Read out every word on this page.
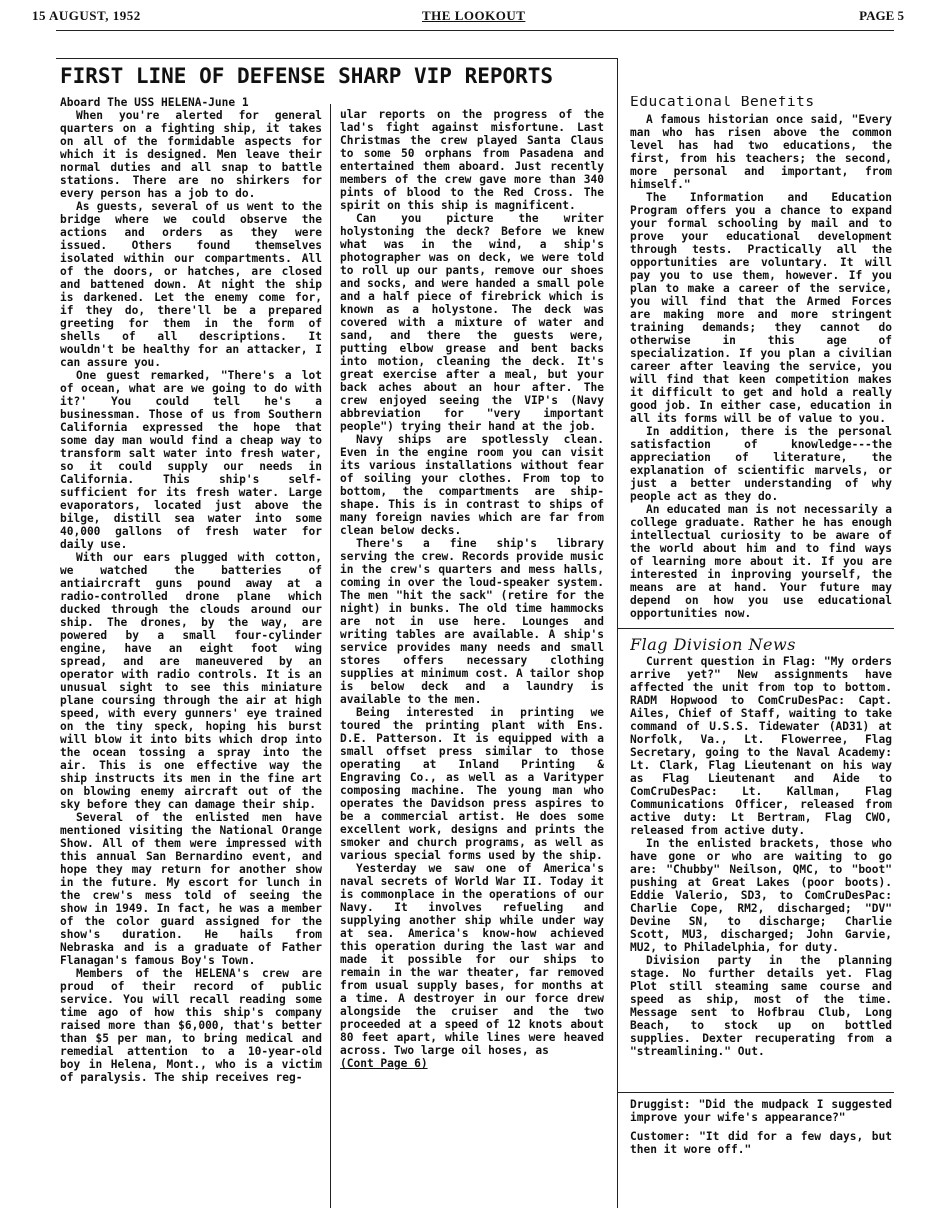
15 AUGUST, 1952	THE LOOKOUT	PAGE 5
FIRST LINE OF DEFENSE SHARP VIP REPORTS

Aboard The USS HELENA-June 1

When you're alerted for general quarters on a fighting ship, it takes on all of the formidable aspects for which it is designed. Men leave their normal duties and all snap to battle stations. There are no shirkers for every person has a job to do.

As guests, several of us went to the bridge where we could observe the actions and orders as they were issued. Others found themselves isolated within our compartments. All of the doors, or hatches, are closed and battened down. At night the ship is darkened. Let the enemy come for, if they do, there'll be a prepared greeting for them in the form of shells of all descriptions. It wouldn't be healthy for an attacker, I can assure you.

One guest remarked, "There's a lot of ocean, what are we going to do with it?' You could tell he's a businessman. Those of us from Southern California expressed the hope that some day man would find a cheap way to transform salt water into fresh water, so it could supply our needs in California. This ship's self-sufficient for its fresh water. Large evaporators, located just above the bilge, distill sea water into some 40,000 gallons of fresh water for daily use.

With our ears plugged with cotton, we watched the batteries of antiaircraft guns pound away at a radio-controlled drone plane which ducked through the clouds around our ship. The drones, by the way, are powered by a small four-cylinder engine, have an eight foot wing spread, and are maneuvered by an operator with radio controls. It is an unusual sight to see this miniature plane coursing through the air at high speed, with every gunners' eye trained on the tiny speck, hoping his burst will blow it into bits which drop into the ocean tossing a spray into the air. This is one effective way the ship instructs its men in the fine art on blowing enemy aircraft out of the sky before they can damage their ship.

Several of the enlisted men have mentioned visiting the National Orange Show. All of them were impressed with this annual San Bernardino event, and hope they may return for another show in the future. My escort for lunch in the crew's mess told of seeing the show in 1949. In fact, he was a member of the color guard assigned for the show's duration. He hails from Nebraska and is a graduate of Father Flanagan's famous Boy's Town.

Members of the HELENA's crew are proud of their record of public service. You will recall reading some time ago of how this ship's company raised more than $6,000, that's better than $5 per man, to bring medical and remedial attention to a 10-year-old boy in Helena, Mont., who is a victim of paralysis. The ship receives reg-

ular reports on the progress of the lad's fight against misfortune. Last Christmas the crew played Santa Claus to some 50 orphans from Pasadena and entertained them aboard. Just recently members of the crew gave more than 340 pints of blood to the Red Cross. The spirit on this ship is magnificent.

Can you picture the writer holystoning the deck? Before we knew what was in the wind, a ship's photographer was on deck, we were told to roll up our pants, remove our shoes and socks, and were handed a small pole and a half piece of firebrick which is known as a holystone. The deck was covered with a mixture of water and sand, and there the guests were, putting elbow grease and bent backs into motion, cleaning the deck. It's great exercise after a meal, but your back aches about an hour after. The crew enjoyed seeing the VIP's (Navy abbreviation for "very important people") trying their hand at the job.

Navy ships are spotlessly clean. Even in the engine room you can visit its various installations without fear of soiling your clothes. From top to bottom, the compartments are ship-shape. This is in contrast to ships of many foreign navies which are far from clean below decks.

There's a fine ship's library serving the crew. Records provide music in the crew's quarters and mess halls, coming in over the loud-speaker system. The men "hit the sack" (retire for the night) in bunks. The old time hammocks are not in use here. Lounges and writing tables are available. A ship's service provides many needs and small stores offers necessary clothing supplies at minimum cost. A tailor shop is below deck and a laundry is available to the men.

Being interested in printing we toured the printing plant with Ens. D.E. Patterson. It is equipped with a small offset press similar to those operating at Inland Printing & Engraving Co., as well as a Varityper composing machine. The young man who operates the Davidson press aspires to be a commercial artist. He does some excellent work, designs and prints the smoker and church programs, as well as various special forms used by the ship.

Yesterday we saw one of America's naval secrets of World War II. Today it is commonplace in the operations of our Navy. It involves refueling and supplying another ship while under way at sea. America's know-how achieved this operation during the last war and made it possible for our ships to remain in the war theater, far removed from usual supply bases, for months at a time. A destroyer in our force drew alongside the cruiser and the two proceeded at a speed of 12 knots about 80 feet apart, while lines were heaved across. Two large oil hoses, as

(Cont Page 6)

Educational Benefits

A famous historian once said, "Every man who has risen above the common level has had two educations, the first, from his teachers; the second, more personal and important, from himself."

The Information and Education Program offers you a chance to expand your formal schooling by mail and to prove your educational development through tests. Practically all the opportunities are voluntary. It will pay you to use them, however. If you plan to make a career of the service, you will find that the Armed Forces are making more and more stringent training demands; they cannot do otherwise in this age of specialization. If you plan a civilian career after leaving the service, you will find that keen competition makes it difficult to get and hold a really good job. In either case, education in all its forms will be of value to you.

In addition, there is the personal satisfaction of knowledge---the appreciation of literature, the explanation of scientific marvels, or just a better understanding of why people act as they do.

An educated man is not necessarily a college graduate. Rather he has enough intellectual curiosity to be aware of the world about him and to find ways of learning more about it. If you are interested in inproving yourself, the means are at hand. Your future may depend on how you use educational opportunities now.

Flag Division News

Current question in Flag: "My orders arrive yet?" New assignments have affected the unit from top to bottom. RADM Hopwood to ComCruDesPac: Capt. Ailes, Chief of Staff, waiting to take command of U.S.S. Tidewater (AD31) at Norfolk, Va., Lt. Flowerree, Flag Secretary, going to the Naval Academy: Lt. Clark, Flag Lieutenant on his way as Flag Lieutenant and Aide to ComCruDesPac: Lt. Kallman, Flag Communications Officer, released from active duty: Lt Bertram, Flag CWO, released from active duty.

In the enlisted brackets, those who have gone or who are waiting to go are: "Chubby" Neilson, QMC, to "boot" pushing at Great Lakes (poor boots). Eddie Valerio, SD3, to ComCruDesPac: Charlie Cope, RM2, discharged; "DV" Devine SN, to discharge; Charlie Scott, MU3, discharged; John Garvie, MU2, to Philadelphia, for duty.

Division party in the planning stage. No further details yet. Flag Plot still steaming same course and speed as ship, most of the time. Message sent to Hofbrau Club, Long Beach, to stock up on bottled supplies. Dexter recuperating from a "streamlining." Out.

Druggist: "Did the mudpack I suggested improve your wife's appearance?"

Customer: "It did for a few days, but then it wore off."
